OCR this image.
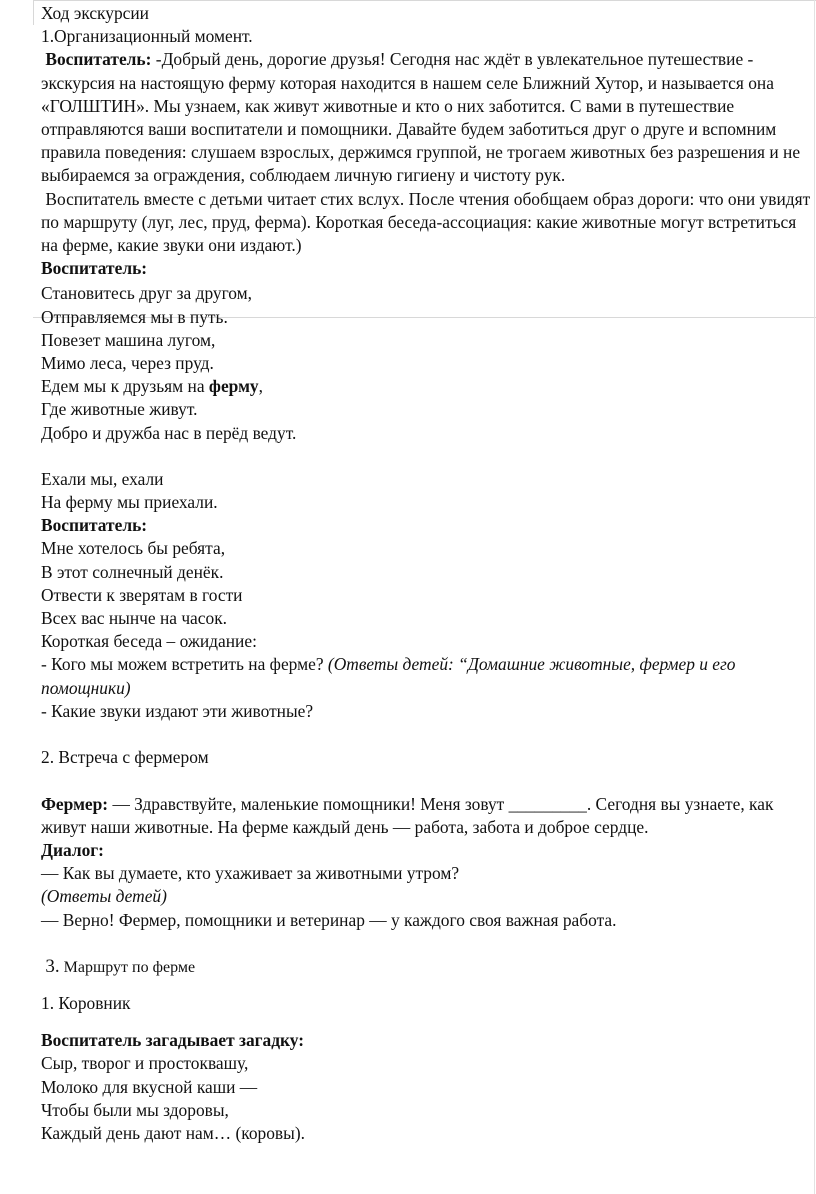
Ход экскурсии
1.Организационный момент.
Воспитатель: -Добрый день, дорогие друзья! Сегодня нас ждёт в увлекательное путешествие - экскурсия на настоящую ферму которая находится в нашем селе Ближний Хутор, и называется она «ГОЛШТИН». Мы узнаем, как живут животные и кто о них заботится. С вами в путешествие отправляются ваши воспитатели и помощники. Давайте будем заботиться друг о друге и вспомним правила поведения: слушаем взрослых, держимся группой, не трогаем животных без разрешения и не выбираемся за ограждения, соблюдаем личную гигиену и чистоту рук.
Воспитатель вместе с детьми читает стих вслух. После чтения обобщаем образ дороги: что они увидят по маршруту (луг, лес, пруд, ферма). Короткая беседа-ассоциация: какие животные могут встретиться на ферме, какие звуки они издают.)
Воспитатель:
Становитесь друг за другом,
Отправляемся мы в путь.
Повезет машина лугом,
Мимо леса, через пруд.
Едем мы к друзьям на ферму,
Где животные живут.
Добро и дружба нас в перёд ведут.
Ехали мы, ехали
На ферму мы приехали.
Воспитатель:
Мне хотелось бы ребята,
В этот солнечный денёк.
Отвести к зверятам в гости
Всех вас нынче на часок.
Короткая беседа – ожидание:
- Кого мы можем встретить на ферме? (Ответы детей: “Домашние животные, фермер и его помощники)
- Какие звуки издают эти животные?
2. Встреча с фермером
Фермер: — Здравствуйте, маленькие помощники! Меня зовут _________. Сегодня вы узнаете, как живут наши животные. На ферме каждый день — работа, забота и доброе сердце.
Диалог:
— Как вы думаете, кто ухаживает за животными утром?
(Ответы детей)
— Верно! Фермер, помощники и ветеринар — у каждого своя важная работа.
3. Маршрут по ферме
1. Коровник
Воспитатель загадывает загадку:
Сыр, творог и простоквашу,
Молоко для вкусной каши —
Чтобы были мы здоровы,
Каждый день дают нам… (коровы).
